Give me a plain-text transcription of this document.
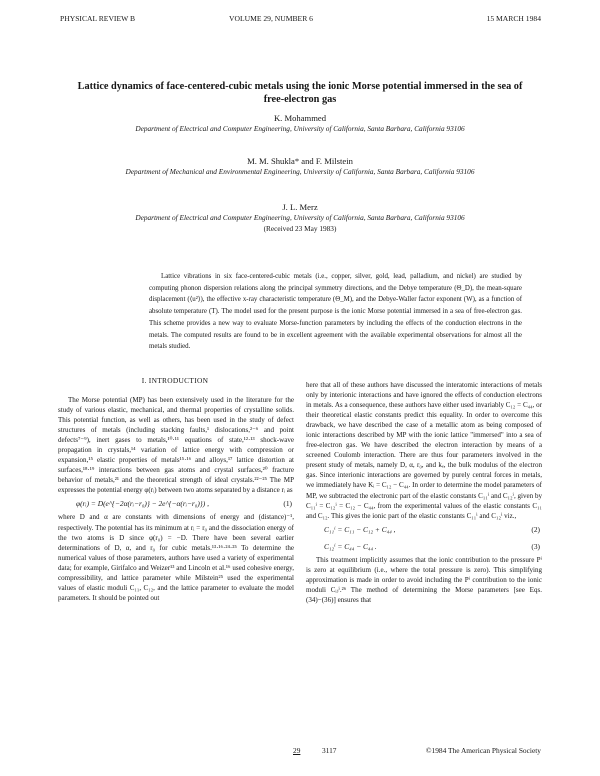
PHYSICAL REVIEW B	VOLUME 29, NUMBER 6	15 MARCH 1984
Lattice dynamics of face-centered-cubic metals using the ionic Morse potential immersed in the sea of free-electron gas
K. Mohammed
Department of Electrical and Computer Engineering, University of California, Santa Barbara, California 93106
M. M. Shukla* and F. Milstein
Department of Mechanical and Environmental Engineering, University of California, Santa Barbara, California 93106
J. L. Merz
Department of Electrical and Computer Engineering, University of California, Santa Barbara, California 93106
(Received 23 May 1983)

Lattice vibrations in six face-centered-cubic metals (i.e., copper, silver, gold, lead, palladium, and nickel) are studied by computing phonon dispersion relations along the principal symmetry directions, and the Debye temperature (Θ_D), the mean-square displacement (⟨u²⟩), the effective x-ray characteristic temperature (Θ_M), and the Debye-Waller factor exponent (W), as a function of absolute temperature (T). The model used for the present purpose is the ionic Morse potential immersed in a sea of free-electron gas. This scheme provides a new way to evaluate Morse-function parameters by including the effects of the conduction electrons in the metals. The computed results are found to be in excellent agreement with the available experimental observations for almost all the metals studied.

I. INTRODUCTION

The Morse potential (MP) has been extensively used in the literature for the study of various elastic, mechanical, and thermal properties of crystalline solids. This potential function, as well as others, has been used in the study of defect structures of metals (including stacking faults,¹ dislocations,²⁻⁶ and point defects⁷⁻⁹), inert gases to metals,¹⁰·¹¹ equations of state,¹²·¹³ shock-wave propagation in crystals,¹⁴ variation of lattice energy with compression or expansion,¹⁵ elastic properties of metals¹⁵·¹⁶ and alloys,¹⁷ lattice distortion at surfaces,¹⁸·¹⁹ interactions between gas atoms and crystal surfaces,²⁰ fracture behavior of metals,²¹ and the theoretical strength of ideal crystals.²²⁻²⁵ The MP expresses the potential energy φ(rᵢ) between two atoms separated by a distance rᵢ as

φ(rᵢ) = D(e^{−2α(rᵢ−r₀)} − 2e^{−α(rᵢ−r₀)}) ,	(1)

where D and α are constants with dimensions of energy and (distance)⁻¹, respectively. The potential has its minimum at rᵢ = r₀ and the dissociation energy of the two atoms is D since φ(r₀) = −D. There have been several earlier determinations of D, α, and r₀ for cubic metals.¹³·¹⁶·²⁴·²⁵ To determine the numerical values of those parameters, authors have used a variety of experimental data; for example, Girifalco and Weizer¹³ and Lincoln et al.¹⁶ used cohesive energy, compressibility, and lattice parameter while Milstein²⁵ used the experimental values of elastic moduli C₁₁, C₁₂, and the lattice parameter to evaluate the model parameters. It should be pointed out

here that all of these authors have discussed the interatomic interactions of metals only by interionic interactions and have ignored the effects of conduction electrons in metals. As a consequence, these authors have either used invariably C₁₂ = C₄₄, or their theoretical elastic constants predict this equality. In order to overcome this drawback, we have described the case of a metallic atom as being composed of ionic interactions described by MP with the ionic lattice "immersed" into a sea of free-electron gas. We have described the electron interaction by means of a screened Coulomb interaction. There are thus four parameters involved in the present study of metals, namely D, α, r₀, and kₑ, the bulk modulus of the electron gas. Since interionic interactions are governed by purely central forces in metals, we immediately have Kᵢ = C₁₂ − C₄₄. In order to determine the model parameters of MP, we subtracted the electronic part of the elastic constants C₁₁ⁱ and C₁₂ⁱ, given by C₁₁ⁱ = C₁₂ⁱ = C₁₂ − C₄₄, from the experimental values of the elastic constants C₁₁ and C₁₂. This gives the ionic part of the elastic constants C₁₁ⁱ and C₁₂ⁱ viz.,

C₁₁ⁱ = C₁₁ − C₁₂ + C₄₄ ,	(2)
C₁₂ⁱ = C₄₄ − C₄₄ .	(3)

This treatment implicitly assumes that the ionic contribution to the pressure Pⁱ is zero at equilibrium (i.e., where the total pressure is zero). This simplifying approximation is made in order to avoid including the Pⁱ contribution to the ionic moduli Cᵢⱼⁱ.²⁶ The method of determining the Morse parameters [see Eqs. (34)−(36)] ensures that

29	3117	©1984 The American Physical Society
